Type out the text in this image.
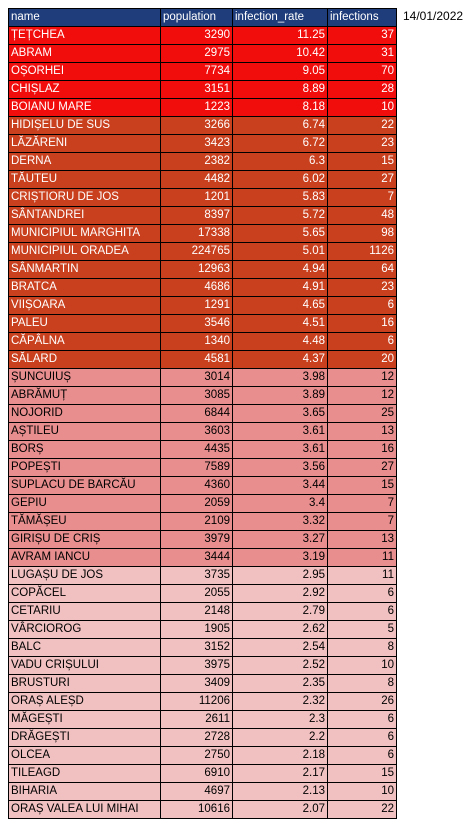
name	population	infection_rate	infections
ȚEȚCHEA	3290	11.25	37
ABRAM	2975	10.42	31
OȘORHEI	7734	9.05	70
CHIȘLAZ	3151	8.89	28
BOIANU MARE	1223	8.18	10
HIDIȘELU DE SUS	3266	6.74	22
LĂZĂRENI	3423	6.72	23
DERNA	2382	6.3	15
TĂUTEU	4482	6.02	27
CRIȘTIORU DE JOS	1201	5.83	7
SÂNTANDREI	8397	5.72	48
MUNICIPIUL MARGHITA	17338	5.65	98
MUNICIPIUL ORADEA	224765	5.01	1126
SÂNMARTIN	12963	4.94	64
BRATCA	4686	4.91	23
VIIȘOARA	1291	4.65	6
PALEU	3546	4.51	16
CĂPÂLNA	1340	4.48	6
SĂLARD	4581	4.37	20
ȘUNCUIUȘ	3014	3.98	12
ABRĂMUȚ	3085	3.89	12
NOJORID	6844	3.65	25
AȘTILEU	3603	3.61	13
BORȘ	4435	3.61	16
POPEȘTI	7589	3.56	27
SUPLACU DE BARCĂU	4360	3.44	15
GEPIU	2059	3.4	7
TĂMĂȘEU	2109	3.32	7
GIRIȘU DE CRIȘ	3979	3.27	13
AVRAM IANCU	3444	3.19	11
LUGAȘU DE JOS	3735	2.95	11
COPĂCEL	2055	2.92	6
CETARIU	2148	2.79	6
VÂRCIOROG	1905	2.62	5
BALC	3152	2.54	8
VADU CRIȘULUI	3975	2.52	10
BRUSTURI	3409	2.35	8
ORAȘ ALEȘD	11206	2.32	26
MĂGEȘTI	2611	2.3	6
DRĂGEȘTI	2728	2.2	6
OLCEA	2750	2.18	6
TILEAGD	6910	2.17	15
BIHARIA	4697	2.13	10
ORAȘ VALEA LUI MIHAI	10616	2.07	22
14/01/2022
